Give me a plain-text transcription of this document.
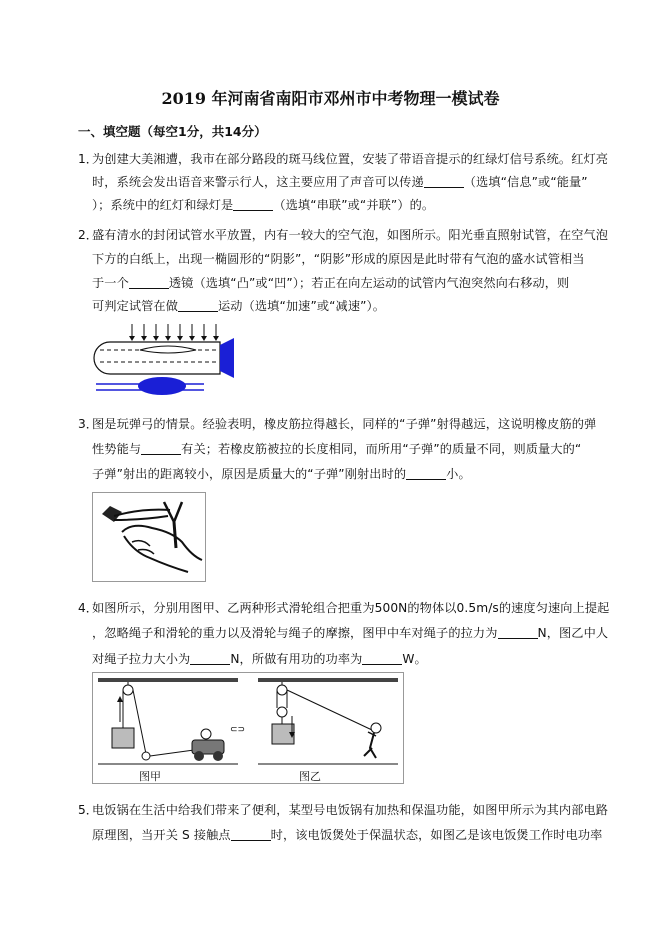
2019 年河南省南阳市邓州市中考物理一模试卷
一、填空题（每空1分，共14分）
1．
为创建大美湘遭，我市在部分路段的斑马线位置，安装了带语音提示的红绿灯信号系统。红灯亮
时，系统会发出语音来警示行人，这主要应用了声音可以传递	（选填“信息”或“能量”
）；系统中的红灯和绿灯是	（选填“串联”或“并联”）的。
2．
盛有清水的封闭试管水平放置，内有一较大的空气泡，如图所示。阳光垂直照射试管，在空气泡
下方的白纸上，出现一椭圆形的“阴影”，“阴影”形成的原因是此时带有气泡的盛水试管相当
于一个	透镜（选填“凸”或“凹”）；若正在向左运动的试管内气泡突然向右移动，则
可判定试管在做	运动（选填“加速”或“减速”）。
3．
图是玩弹弓的情景。经验表明，橡皮筋拉得越长，同样的“子弹”射得越远，这说明橡皮筋的弹
性势能与	有关；若橡皮筋被拉的长度相同，而所用“子弹”的质量不同，则质量大的“
子弹”射出的距离较小，原因是质量大的“子弹”刚射出时的	小。
4．
如图所示，分别用图甲、乙两种形式滑轮组合把重为500N的物体以0.5m/s的速度匀速向上提起
，忽略绳子和滑轮的重力以及滑轮与绳子的摩擦，图甲中车对绳子的拉力为	N，图乙中人
对绳子拉力大小为	N，所做有用功的功率为	W。
⊂⊃
图甲	图乙
5．
电饭锅在生活中给我们带来了便利，某型号电饭锅有加热和保温功能，如图甲所示为其内部电路
原理图，当开关 S 接触点	时，该电饭煲处于保温状态，如图乙是该电饭煲工作时电功率
